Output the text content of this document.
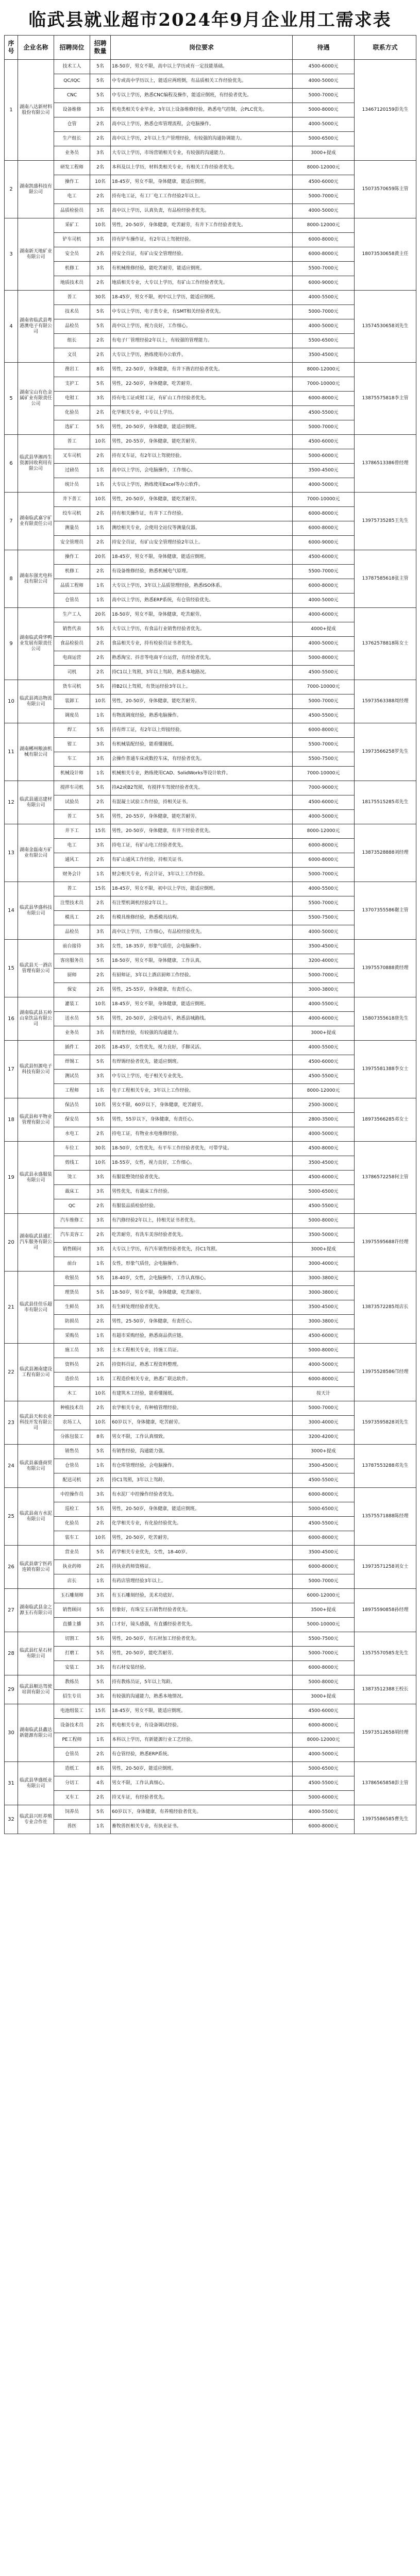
临武县就业超市2024年9月企业用工需求表
序号	企业名称	招聘岗位	招聘数量	岗位要求	待遇	联系方式
1	湖南八达新材料股份有限公司	技术工人	5名	18-50岁，男女不限，高中以上学历或有一定技能基础。	4500-6000元	13467120159彭先生
		QC/IQC	5名	中专或高中学历以上，能适应两班倒，有品质相关工作经验优先。	4000-5000元	
		CNC	5名	中专以上学历，熟悉CNC编程及操作，能适应倒班，有经验者优先。	5000-7000元	
		设备维修	3名	机电类相关专业毕业，3年以上设备维修经验，熟悉电气控制，会PLC优先。	5000-8000元	
		仓管	2名	高中以上学历，熟悉仓库管理流程，会电脑操作。	4000-5000元	
		生产组长	2名	高中以上学历，2年以上生产管理经验，有较强的沟通协调能力。	5000-6500元	
		业务员	3名	大专以上学历，市场营销相关专业，有较强的沟通能力。	3000+提成	
2	湖南凯盛科技有限公司	研发工程师	2名	本科及以上学历，材料类相关专业，有相关工作经验者优先。	8000-12000元	15073570659陈主管
		操作工	10名	18-45岁，男女不限，身体健康，能适应倒班。	4500-6000元	
		电工	2名	持有电工证，有工厂电工工作经验2年以上。	5000-7000元	
		品质检验员	3名	高中以上学历，认真负责，有品检经验者优先。	4000-5000元	
3	湖南新天地矿业有限公司	采矿工	10名	男性，20-50岁，身体健康，吃苦耐劳，有井下工作经验者优先。	8000-12000元	18073530658黄主任
		铲车司机	3名	持有铲车操作证，有2年以上驾驶经验。	6000-8000元	
		安全员	2名	持安全员证，有矿山安全管理经验。	6000-8000元	
		机修工	3名	有机械维修经验，能吃苦耐劳，能适应倒班。	5500-7000元	
		地质技术员	2名	地质相关专业，大专以上学历，有矿山工作经验者优先。	6000-9000元	
4	湖南省临武县粤港澳电子有限公司	普工	30名	18-45岁，男女不限，初中以上学历，能适应倒班。	4000-5500元	13574530658刘先生
		技术员	5名	中专以上学历，电子类专业，有SMT相关经验者优先。	5000-7000元	
		品检员	5名	高中以上学历，视力良好，工作细心。	4000-5000元	
		组长	2名	有电子厂管理经验2年以上，有较强的管理能力。	5500-6500元	
		文员	2名	大专以上学历，熟练使用办公软件。	3500-4500元	
5	湖南宝山有色金属矿业有限责任公司	凿岩工	8名	男性，22-50岁，身体健康，有井下凿岩经验者优先。	8000-12000元	13875575818李主管
		支护工	5名	男性，22-50岁，身体健康，吃苦耐劳。	7000-10000元	
		电钳工	3名	持有电工证或钳工证，有矿山工作经验者优先。	6000-8000元	
		化验员	2名	化学相关专业，中专以上学历。	4500-5500元	
		选矿工	5名	男性，20-50岁，身体健康，能适应倒班。	5000-7000元	
6	临武县华湘再生资源回收利用有限公司	普工	10名	男性，20-55岁，身体健康，能吃苦耐劳。	4500-6000元	13786513386曾经理
		叉车司机	2名	持有叉车证，有2年以上驾驶经验。	5000-6000元	
		过磅员	1名	高中以上学历，会电脑操作，工作细心。	3500-4500元	
		统计员	1名	大专以上学历，熟练使用Excel等办公软件。	4000-5000元	
7	湖南临武嘉宇矿业有限责任公司	井下普工	10名	男性，20-50岁，身体健康，能吃苦耐劳。	7000-10000元	13975735285王先生
		绞车司机	2名	持有相关操作证，有井下工作经验。	6000-8000元	
		测量员	1名	测绘相关专业，会使用全站仪等测量仪器。	6000-8000元	
		安全管理员	2名	持安全员证，有矿山安全管理经验2年以上。	6000-9000元	
8	湖南东强光电科技有限公司	操作工	20名	18-45岁，男女不限，身体健康，能适应倒班。	4500-6000元	13787585618张主管
		机修工	2名	有设备维修经验，熟悉机械电气原理。	5500-7000元	
		品质工程师	1名	大专以上学历，3年以上品质管理经验，熟悉ISO体系。	6000-8000元	
		仓管员	1名	高中以上学历，熟悉ERP系统，有仓管经验优先。	4000-5000元	
9	湖南临武舜华鸭业发展有限责任公司	生产工人	20名	18-50岁，男女不限，身体健康，吃苦耐劳。	4000-6000元	13762578818陈女士
		销售代表	5名	大专以上学历，有食品行业销售经验者优先。	4000+提成	
		食品检验员	2名	食品相关专业，持有检验员证书者优先。	4000-5000元	
		电商运营	2名	熟悉淘宝、抖音等电商平台运营，有经验者优先。	5000-8000元	
		司机	2名	持C1以上驾照，3年以上驾龄，熟悉本地路况。	4500-5500元	
10	临武县鸿达物流有限公司	货车司机	5名	持B2以上驾照，有货运经验3年以上。	7000-10000元	15973563388周经理
		装卸工	10名	男性，20-50岁，身体健康，能吃苦耐劳。	5000-7000元	
		调度员	1名	有物流调度经验，熟悉电脑操作。	4500-5500元	
11	湖南郴州粮油机械有限公司	焊工	5名	持有焊工证，有2年以上焊接经验。	6000-8000元	13973566258罗先生
		钳工	3名	有机械装配经验，能看懂图纸。	5500-7000元	
		车工	3名	会操作普通车床或数控车床，有经验者优先。	5500-7500元	
		机械设计师	1名	机械相关专业，熟练使用CAD、SolidWorks等设计软件。	7000-10000元	
12	临武县通达建材有限公司	搅拌车司机	5名	持A2或B2驾照，有搅拌车驾驶经验者优先。	7000-9000元	18175515285邓先生
		试验员	2名	有混凝土试验工作经验，持相关证书。	4500-6000元	
		普工	5名	男性，20-55岁，身体健康，能吃苦耐劳。	4000-5000元	
13	湖南金磊南方矿业有限公司	井下工	15名	男性，20-50岁，身体健康，有井下经验者优先。	8000-12000元	13873528888刘经理
		电工	3名	持电工证，有矿山电工经验者优先。	6000-8000元	
		通风工	2名	有矿山通风工作经验，持相关证书。	6000-8000元	
		财务会计	1名	财会相关专业，有会计证，3年以上工作经验。	5000-7000元	
14	临武县华盛科技有限公司	普工	15名	18-45岁，男女不限，初中以上学历，能适应倒班。	4000-5500元	13707355586谢主管
		注塑技术员	2名	有注塑机调机经验2年以上。	5500-7000元	
		模具工	2名	有模具维修经验，熟悉模具结构。	5500-7500元	
		品检员	3名	高中以上学历，工作细心，有品检经验优先。	4000-5000元	
15	临武县天一酒店管理有限公司	前台接待	3名	女性，18-35岁，形象气质佳，会电脑操作。	3500-4500元	13975570888黄经理
		客房服务员	5名	18-50岁，男女不限，身体健康，工作认真。	3200-4000元	
		厨师	2名	有厨师证，3年以上酒店厨师工作经验。	5000-7000元	
		保安	2名	男性，25-55岁，身体健康，有责任心。	3000-3800元	
16	湖南临武县五岭山泉饮品有限公司	灌装工	10名	18-45岁，男女不限，身体健康，能适应倒班。	4000-5500元	15807355618唐先生
		送水员	5名	男性，20-50岁，会骑电动车，熟悉县城路线。	4000-6000元	
		业务员	3名	有销售经验，有较强的沟通能力。	3000+提成	
17	临武县恒源电子科技有限公司	插件工	20名	18-45岁，女性优先，视力良好，手脚灵活。	4000-5500元	13975581388李女士
		焊锡工	5名	有焊锡经验者优先，能适应倒班。	4500-6000元	
		测试员	3名	中专以上学历，电子相关专业优先。	4500-5500元	
		工程师	1名	电子工程相关专业，3年以上工作经验。	8000-12000元	
18	临武县和平物业管理有限公司	保洁员	10名	男女不限，60岁以下，身体健康，吃苦耐劳。	2500-3000元	18973566285邓女士
		保安员	5名	男性，55岁以下，身体健康，有责任心。	2800-3500元	
		水电工	2名	持电工证，有物业水电维修经验。	4000-5000元	
19	临武县永盛服装有限公司	车位工	30名	18-50岁，女性优先，有平车工作经验者优先，可带学徒。	4500-8000元	13786572258何主管
		剪线工	10名	18-55岁，女性，视力良好，工作细心。	3500-4500元	
		烫工	3名	有服装整烫经验者优先。	4500-6000元	
		裁床工	3名	男性优先，有裁床工作经验。	5000-6500元	
		QC	2名	有服装品质检验经验。	4500-5500元	
20	湖南临武县通汇汽车服务有限公司	汽车维修工	3名	有汽修经验2年以上，持相关证书者优先。	5000-8000元	13975595688许经理
		汽车美容工	2名	吃苦耐劳，有洗车美容经验者优先。	3500-5000元	
		销售顾问	3名	大专以上学历，有汽车销售经验者优先，持C1驾照。	3000+提成	
		前台	1名	女性，形象气质佳，会电脑操作。	3000-4000元	
21	临武县佳佳乐超市有限公司	收银员	5名	18-40岁，女性，会电脑操作，工作认真细心。	3000-3800元	13873572285周店长
		理货员	5名	18-50岁，男女不限，身体健康，吃苦耐劳。	3000-3800元	
		生鲜员	3名	有生鲜处理经验者优先。	3500-4500元	
		防损员	2名	男性，25-50岁，身体健康，有责任心。	3000-3800元	
		采购员	1名	有超市采购经验，熟悉商品供应链。	4500-6000元	
22	临武县湘南建设工程有限公司	施工员	3名	土木工程相关专业，持施工员证。	5000-8000元	13975528586邝经理
		资料员	2名	持资料员证，熟悉工程资料整理。	4000-5000元	
		造价员	1名	工程造价相关专业，熟悉广联达软件。	6000-8000元	
		木工	10名	有建筑木工经验，能看懂图纸。	按天计	
23	临武县天和农业科技开发有限公司	种植技术员	2名	农学相关专业，有种植管理经验。	5000-7000元	15973595828刘先生
		农场工人	10名	60岁以下，身体健康，吃苦耐劳。	3000-4000元	
		分拣包装工	8名	男女不限，工作认真细致。	3200-4200元	
24	临武县嘉盛商贸有限公司	销售员	5名	有销售经验，沟通能力强。	3000+提成	13787553288邓先生
		仓管员	1名	有仓库管理经验，会电脑操作。	3500-4500元	
		配送司机	2名	持C1驾照，3年以上驾龄。	4500-5500元	
25	临武县南方水泥有限公司	中控操作员	3名	有水泥厂中控操作经验者优先。	6000-8000元	13575571888陈经理
		巡检工	5名	男性，20-50岁，身体健康，能适应倒班。	5000-6500元	
		化验员	2名	化学相关专业，有化验经验优先。	4500-5500元	
		装车工	10名	男性，20-50岁，吃苦耐劳。	6000-8000元	
26	临武县康宁医药连锁有限公司	营业员	5名	药学相关专业优先，女性，18-40岁。	3500-4500元	13973571258刘女士
		执业药师	2名	持执业药师资格证。	6000-8000元	
		店长	1名	有药店管理经验3年以上。	5000-7000元	
27	湖南临武县金之源玉石有限公司	玉石雕刻师	3名	有玉石雕刻经验，美术功底好。	6000-12000元	18975590858孙经理
		销售顾问	5名	形象好，有珠宝玉石销售经验者优先。	3500+提成	
		直播主播	3名	口才好，镜头感强，有直播经验者优先。	5000-10000元	
28	临武县红星石材有限公司	切割工	5名	男性，20-50岁，有石材加工经验者优先。	5500-7500元	13575570585龙先生
		打磨工	5名	男性，20-50岁，能吃苦耐劳。	5000-7000元	
		安装工	3名	有石材安装经验。	6000-8000元	
29	临武县顺达驾驶培训有限公司	教练员	5名	持有教练员证，5年以上驾龄。	5000-8000元	13873512388王校长
		招生专员	3名	有较强的沟通能力，熟悉本地情况。	3000+提成	
30	湖南临武县鑫达新能源有限公司	电池组装工	15名	18-45岁，男女不限，能适应倒班。	4500-6000元	15973512658胡经理
		设备技术员	2名	机电相关专业，有设备调试经验。	6000-8000元	
		PE工程师	1名	本科以上学历，有新能源行业工艺经验。	8000-12000元	
		仓管员	2名	有仓管经验，熟悉ERP系统。	4000-5000元	
31	临武县华盛纸业有限公司	造纸工	8名	男性，20-50岁，能适应倒班。	5000-6500元	13786565858彭主管
		分切工	4名	男女不限，工作认真细心。	4500-5500元	
		叉车工	2名	持叉车证，有经验者优先。	5000-6000元	
32	临武县兴旺养殖专业合作社	饲养员	5名	60岁以下，身体健康，有养殖经验者优先。	4000-5500元	13975586585曹先生
		兽医	1名	畜牧兽医相关专业，有执业证书。	6000-8000元	
